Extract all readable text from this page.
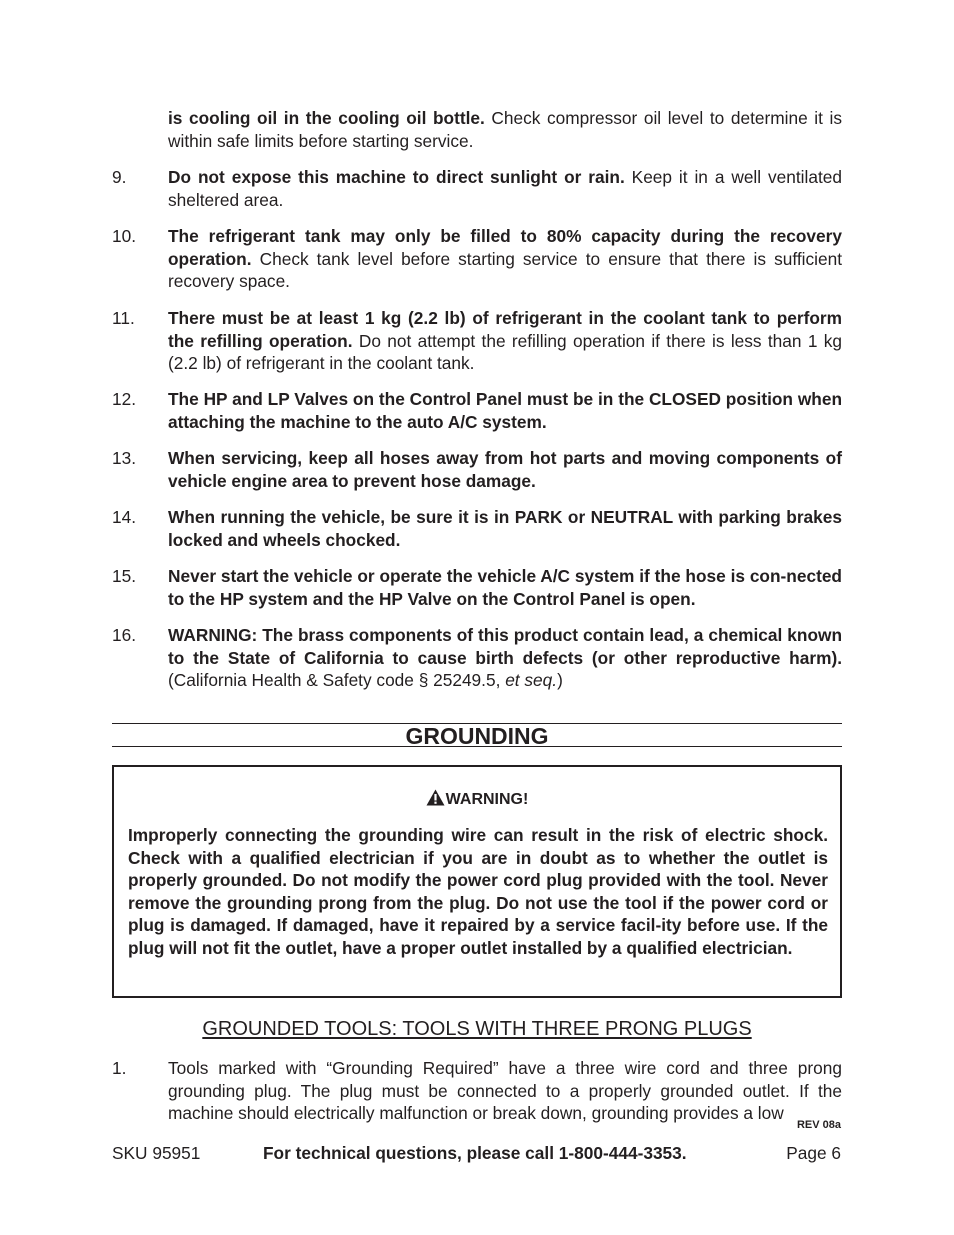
is cooling oil in the cooling oil bottle. Check compressor oil level to determine it is within safe limits before starting service.
9.	Do not expose this machine to direct sunlight or rain. Keep it in a well ventilated sheltered area.
10.	The refrigerant tank may only be filled to 80% capacity during the recovery operation. Check tank level before starting service to ensure that there is sufficient recovery space.
11.	There must be at least 1 kg (2.2 lb) of refrigerant in the coolant tank to perform the refilling operation. Do not attempt the refilling operation if there is less than 1 kg (2.2 lb) of refrigerant in the coolant tank.
12.	The HP and LP Valves on the Control Panel must be in the CLOSED position when attaching the machine to the auto A/C system.
13.	When servicing, keep all hoses away from hot parts and moving components of vehicle engine area to prevent hose damage.
14.	When running the vehicle, be sure it is in PARK or NEUTRAL with parking brakes locked and wheels chocked.
15.	Never start the vehicle or operate the vehicle A/C system if the hose is con-nected to the HP system and the HP Valve on the Control Panel is open.
16.	WARNING: The brass components of this product contain lead, a chemical known to the State of California to cause birth defects (or other reproductive harm). (California Health & Safety code § 25249.5, et seq.)
GROUNDING
WARNING!
Improperly connecting the grounding wire can result in the risk of electric shock. Check with a qualified electrician if you are in doubt as to whether the outlet is properly grounded. Do not modify the power cord plug provided with the tool. Never remove the grounding prong from the plug. Do not use the tool if the power cord or plug is damaged. If damaged, have it repaired by a service facil-ity before use. If the plug will not fit the outlet, have a proper outlet installed by a qualified electrician.
GROUNDED TOOLS: TOOLS WITH THREE PRONG PLUGS
1.	Tools marked with “Grounding Required” have a three wire cord and three prong grounding plug. The plug must be connected to a properly grounded outlet. If the machine should electrically malfunction or break down, grounding provides a low
REV 08a
SKU 95951	For technical questions, please call 1-800-444-3353.	Page 6
